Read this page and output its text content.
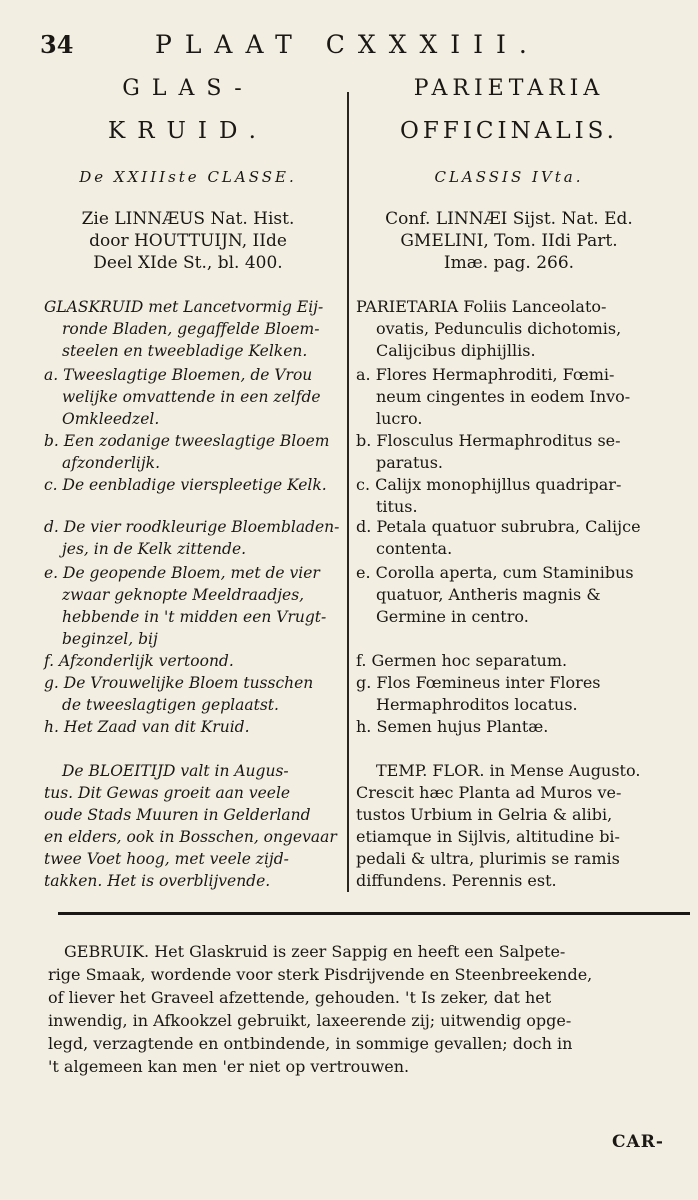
34	PLAAT CXXXIII.
GLAS-
KRUID.
De XXIIIste CLASSE.
Zie LINNÆUS Nat. Hist.
door HOUTTUIJN, IIde
Deel XIde St., bl. 400.
PARIETARIA
OFFICINALIS.
CLASSIS IVta.
Conf. LINNÆI Sijst. Nat. Ed.
GMELINI, Tom. IIdi Part.
Imæ. pag. 266.
GLASKRUID met Lancetvormig Eij-
ronde Bladen, gegaffelde Bloem-
steelen en tweebladige Kelken.
a. Tweeslagtige Bloemen, de Vrou
welijke omvattende in een zelfde
Omkleedzel.
b. Een zodanige tweeslagtige Bloem
afzonderlijk.
c. De eenbladige vierspleetige Kelk.
d. De vier roodkleurige Bloembladen-
jes, in de Kelk zittende.
e. De geopende Bloem, met de vier
zwaar geknopte Meeldraadjes,
hebbende in 't midden een Vrugt-
beginzel, bij
f. Afzonderlijk vertoond.
g. De Vrouwelijke Bloem tusschen
de tweeslagtigen geplaatst.
h. Het Zaad van dit Kruid.
De BLOEITIJD valt in Augus-
tus. Dit Gewas groeit aan veele
oude Stads Muuren in Gelderland
en elders, ook in Bosschen, ongevaar
twee Voet hoog, met veele zijd-
takken. Het is overblijvende.
PARIETARIA Foliis Lanceolato-
ovatis, Pedunculis dichotomis,
Calijcibus diphijllis.
a. Flores Hermaphroditi, Fœmi-
neum cingentes in eodem Invo-
lucro.
b. Flosculus Hermaphroditus se-
paratus.
c. Calijx monophijllus quadripar-
titus.
d. Petala quatuor subrubra, Calijce
contenta.
e. Corolla aperta, cum Staminibus
quatuor, Antheris magnis &
Germine in centro.
f. Germen hoc separatum.
g. Flos Fœmineus inter Flores
Hermaphroditos locatus.
h. Semen hujus Plantæ.
TEMP. FLOR. in Mense Augusto.
Crescit hæc Planta ad Muros ve-
tustos Urbium in Gelria & alibi,
etiamque in Sijlvis, altitudine bi-
pedali & ultra, plurimis se ramis
diffundens. Perennis est.
GEBRUIK. Het Glaskruid is zeer Sappig en heeft een Salpete-
rige Smaak, wordende voor sterk Pisdrijvende en Steenbreekende,
of liever het Graveel afzettende, gehouden. 't Is zeker, dat het
inwendig, in Afkookzel gebruikt, laxeerende zij; uitwendig opge-
legd, verzagtende en ontbindende, in sommige gevallen; doch in
't algemeen kan men 'er niet op vertrouwen.
CAR-
